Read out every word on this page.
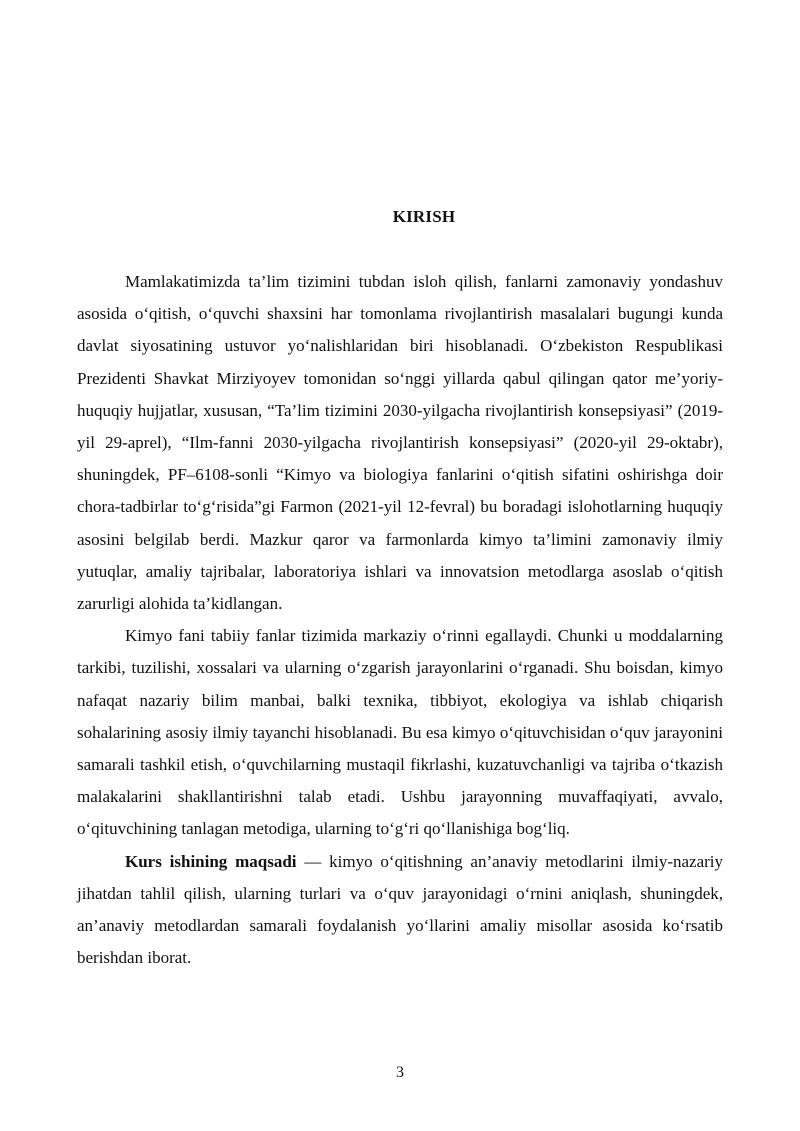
KIRISH

Mamlakatimizda ta’lim tizimini tubdan isloh qilish, fanlarni zamonaviy yondashuv asosida o‘qitish, o‘quvchi shaxsini har tomonlama rivojlantirish masalalari bugungi kunda davlat siyosatining ustuvor yo‘nalishlaridan biri hisoblanadi. O‘zbekiston Respublikasi Prezidenti Shavkat Mirziyoyev tomonidan so‘nggi yillarda qabul qilingan qator me’yoriy-huquqiy hujjatlar, xususan, “Ta’lim tizimini 2030-yilgacha rivojlantirish konsepsiyasi” (2019-yil 29-aprel), “Ilm-fanni 2030-yilgacha rivojlantirish konsepsiyasi” (2020-yil 29-oktabr), shuningdek, PF–6108-sonli “Kimyo va biologiya fanlarini o‘qitish sifatini oshirishga doir chora-tadbirlar to‘g‘risida”gi Farmon (2021-yil 12-fevral) bu boradagi islohotlarning huquqiy asosini belgilab berdi. Mazkur qaror va farmonlarda kimyo ta’limini zamonaviy ilmiy yutuqlar, amaliy tajribalar, laboratoriya ishlari va innovatsion metodlarga asoslab o‘qitish zarurligi alohida ta’kidlangan.

Kimyo fani tabiiy fanlar tizimida markaziy o‘rinni egallaydi. Chunki u moddalarning tarkibi, tuzilishi, xossalari va ularning o‘zgarish jarayonlarini o‘rganadi. Shu boisdan, kimyo nafaqat nazariy bilim manbai, balki texnika, tibbiyot, ekologiya va ishlab chiqarish sohalarining asosiy ilmiy tayanchi hisoblanadi. Bu esa kimyo o‘qituvchisidan o‘quv jarayonini samarali tashkil etish, o‘quvchilarning mustaqil fikrlashi, kuzatuvchanligi va tajriba o‘tkazish malakalarini shakllantirishni talab etadi. Ushbu jarayonning muvaffaqiyati, avvalo, o‘qituvchining tanlagan metodiga, ularning to‘g‘ri qo‘llanishiga bog‘liq.

Kurs ishining maqsadi — kimyo o‘qitishning an’anaviy metodlarini ilmiy-nazariy jihatdan tahlil qilish, ularning turlari va o‘quv jarayonidagi o‘rnini aniqlash, shuningdek, an’anaviy metodlardan samarali foydalanish yo‘llarini amaliy misollar asosida ko‘rsatib berishdan iborat.

3
